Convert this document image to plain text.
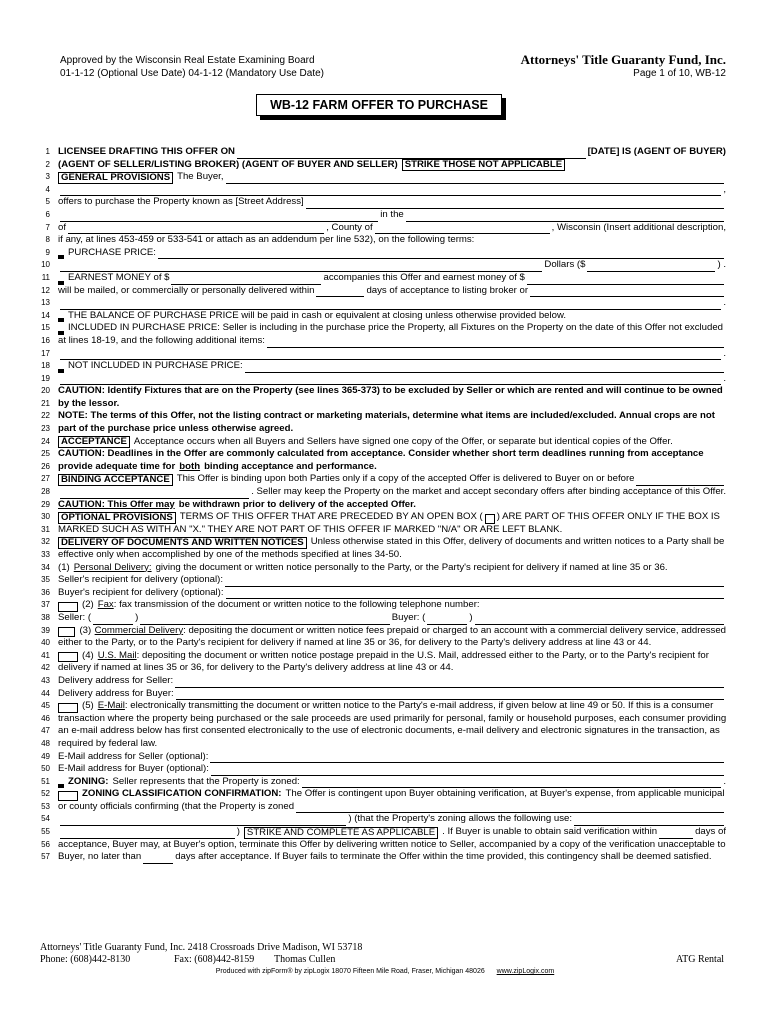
Approved by the Wisconsin Real Estate Examining Board
01-1-12 (Optional Use Date) 04-1-12 (Mandatory Use Date)
Attorneys' Title Guaranty Fund, Inc.
Page 1 of 10, WB-12
WB-12 FARM OFFER TO PURCHASE
1 LICENSEE DRAFTING THIS OFFER ON	[DATE] IS (AGENT OF BUYER)
2 (AGENT OF SELLER/LISTING BROKER) (AGENT OF BUYER AND SELLER) STRIKE THOSE NOT APPLICABLE
3	GENERAL PROVISIONS The Buyer,
4	,
5 offers to purchase the Property known as [Street Address]
6	in the
7 of	, County of	, Wisconsin (Insert additional description,
8 if any, at lines 453-459 or 533-541 or attach as an addendum per line 532), on the following terms:
9 PURCHASE PRICE:
10	Dollars ($	) .
11 EARNEST MONEY of $	accompanies this Offer and earnest money of $
12 will be mailed, or commercially or personally delivered within	days of acceptance to listing broker or
13	.
14 THE BALANCE OF PURCHASE PRICE will be paid in cash or equivalent at closing unless otherwise provided below.
15 INCLUDED IN PURCHASE PRICE: Seller is including in the purchase price the Property, all Fixtures on the Property on the date of this Offer not excluded
16 at lines 18-19, and the following additional items:
17	.
18 NOT INCLUDED IN PURCHASE PRICE:
19	.
20 CAUTION: Identify Fixtures that are on the Property (see lines 365-373) to be excluded by Seller or which are rented and will continue to be owned
21 by the lessor.
22 NOTE: The terms of this Offer, not the listing contract or marketing materials, determine what items are included/excluded. Annual crops are not
23 part of the purchase price unless otherwise agreed.
24	ACCEPTANCE Acceptance occurs when all Buyers and Sellers have signed one copy of the Offer, or separate but identical copies of the Offer.
25 CAUTION: Deadlines in the Offer are commonly calculated from acceptance. Consider whether short term deadlines running from acceptance
26 provide adequate time for both binding acceptance and performance.
27	BINDING ACCEPTANCE This Offer is binding upon both Parties only if a copy of the accepted Offer is delivered to Buyer on or before
28	. Seller may keep the Property on the market and accept secondary offers after binding acceptance of this Offer.
29 CAUTION: This Offer may be withdrawn prior to delivery of the accepted Offer.
30	OPTIONAL PROVISIONS TERMS OF THIS OFFER THAT ARE PRECEDED BY AN OPEN BOX ( ) ARE PART OF THIS OFFER ONLY IF THE BOX IS
31 MARKED SUCH AS WITH AN "X." THEY ARE NOT PART OF THIS OFFER IF MARKED "N/A" OR ARE LEFT BLANK.
32	DELIVERY OF DOCUMENTS AND WRITTEN NOTICES Unless otherwise stated in this Offer, delivery of documents and written notices to a Party shall be
33 effective only when accomplished by one of the methods specified at lines 34-50.
34 (1) Personal Delivery: giving the document or written notice personally to the Party, or the Party's recipient for delivery if named at line 35 or 36.
35 Seller's recipient for delivery (optional):
36 Buyer's recipient for delivery (optional):
37	(2) Fax : fax transmission of the document or written notice to the following telephone number:
38 Seller: (	)	Buyer: (	)
39	(3) Commercial Delivery : depositing the document or written notice fees prepaid or charged to an account with a commercial delivery service, addressed
40 either to the Party, or to the Party's recipient for delivery if named at line 35 or 36, for delivery to the Party's delivery address at line 43 or 44.
41	(4) U.S. Mail : depositing the document or written notice postage prepaid in the U.S. Mail, addressed either to the Party, or to the Party's recipient for
42 delivery if named at lines 35 or 36, for delivery to the Party's delivery address at line 43 or 44.
43 Delivery address for Seller:
44 Delivery address for Buyer:
45	(5) E-Mail : electronically transmitting the document or written notice to the Party's e-mail address, if given below at line 49 or 50. If this is a consumer
46 transaction where the property being purchased or the sale proceeds are used primarily for personal, family or household purposes, each consumer providing
47 an e-mail address below has first consented electronically to the use of electronic documents, e-mail delivery and electronic signatures in the transaction, as
48 required by federal law.
49 E-Mail address for Seller (optional):
50 E-Mail address for Buyer (optional):
51 ZONING: Seller represents that the Property is zoned:	.
52	ZONING CLASSIFICATION CONFIRMATION: The Offer is contingent upon Buyer obtaining verification, at Buyer's expense, from applicable municipal
53 or county officials confirming (that the Property is zoned
54	) (that the Property's zoning allows the following use:
55	) STRIKE AND COMPLETE AS APPLICABLE . If Buyer is unable to obtain said verification within	days of
56 acceptance, Buyer may, at Buyer's option, terminate this Offer by delivering written notice to Seller, accompanied by a copy of the verification unacceptable to
57 Buyer, no later than	days after acceptance. If Buyer fails to terminate the Offer within the time provided, this contingency shall be deemed satisfied.
Attorneys' Title Guaranty Fund, Inc. 2418 Crossroads Drive Madison, WI 53718
Phone: (608)442-8130	Fax: (608)442-8159 Thomas Cullen	ATG Rental
Produced with zipForm® by zipLogix 18070 Fifteen Mile Road, Fraser, Michigan 48026 www.zipLogix.com
